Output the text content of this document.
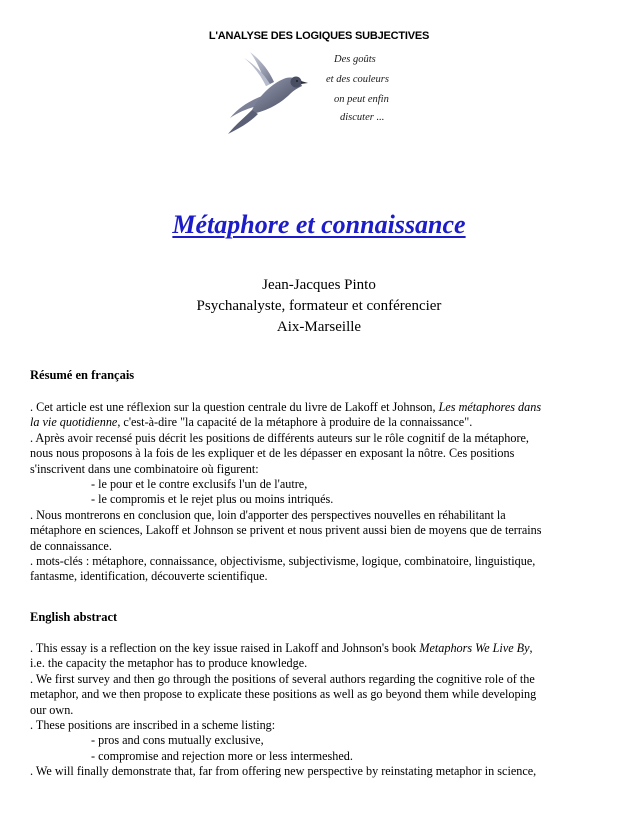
L'ANALYSE DES LOGIQUES SUBJECTIVES
Des goûts
et des couleurs
on peut enfin
discuter ...
Métaphore et connaissance
Jean-Jacques Pinto
Psychanalyste, formateur et conférencier
Aix-Marseille
Résumé en français
. Cet article est une réflexion sur la question centrale du livre de Lakoff et Johnson, Les métaphores dans
la vie quotidienne, c'est-à-dire "la capacité de la métaphore à produire de la connaissance".
. Après avoir recensé puis décrit les positions de différents auteurs sur le rôle cognitif de la métaphore,
nous nous proposons à la fois de les expliquer et de les dépasser en exposant la nôtre. Ces positions
s'inscrivent dans une combinatoire où figurent:
- le pour et le contre exclusifs l'un de l'autre,
- le compromis et le rejet plus ou moins intriqués.
. Nous montrerons en conclusion que, loin d'apporter des perspectives nouvelles en réhabilitant la
métaphore en sciences, Lakoff et Johnson se privent et nous privent aussi bien de moyens que de terrains
de connaissance.
. mots-clés : métaphore, connaissance, objectivisme, subjectivisme, logique, combinatoire, linguistique,
fantasme, identification, découverte scientifique.
English abstract
. This essay is a reflection on the key issue raised in Lakoff and Johnson's book Metaphors We Live By,
i.e. the capacity the metaphor has to produce knowledge.
. We first survey and then go through the positions of several authors regarding the cognitive role of the
metaphor, and we then propose to explicate these positions as well as go beyond them while developing
our own.
. These positions are inscribed in a scheme listing:
- pros and cons mutually exclusive,
- compromise and rejection more or less intermeshed.
. We will finally demonstrate that, far from offering new perspective by reinstating metaphor in science,
